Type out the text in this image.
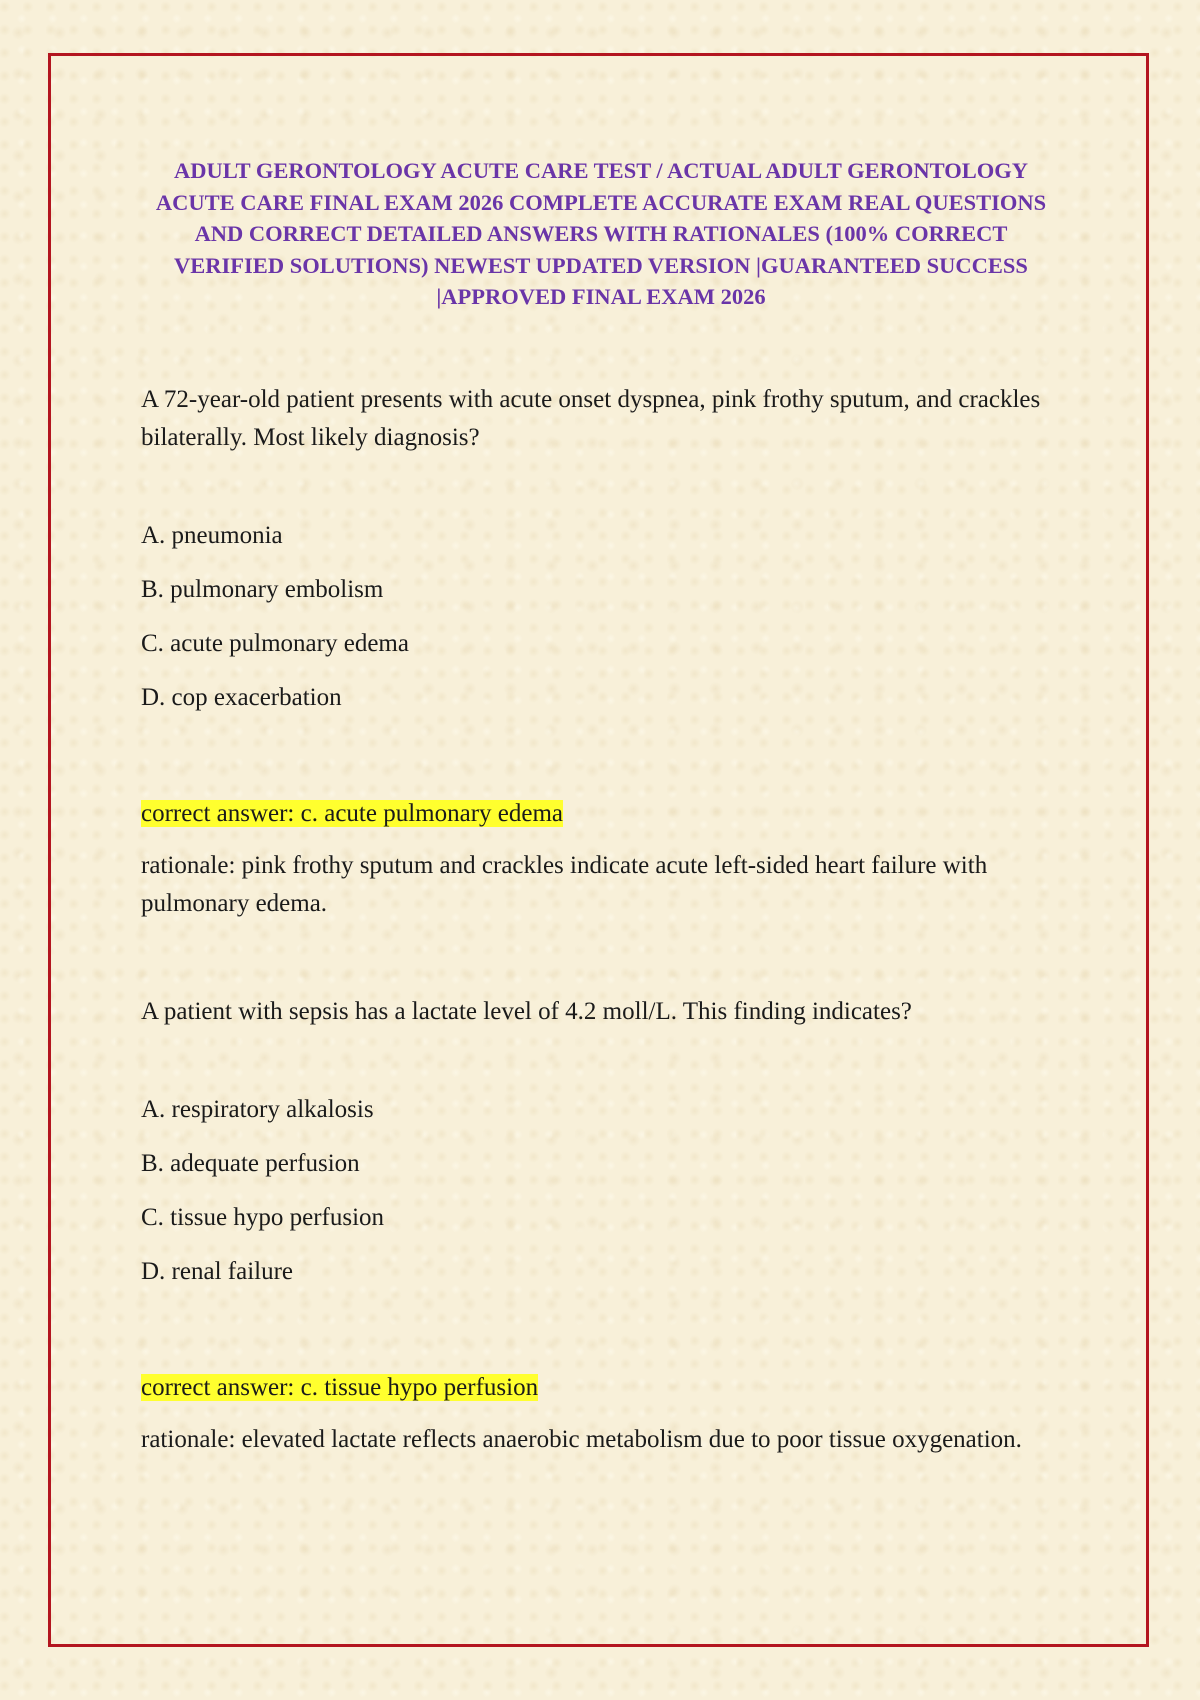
ADULT GERONTOLOGY ACUTE CARE TEST / ACTUAL ADULT GERONTOLOGY ACUTE CARE FINAL EXAM 2026 COMPLETE ACCURATE EXAM REAL QUESTIONS AND CORRECT DETAILED ANSWERS WITH RATIONALES (100% CORRECT VERIFIED SOLUTIONS) NEWEST UPDATED VERSION |GUARANTEED SUCCESS |APPROVED FINAL EXAM 2026

A 72-year-old patient presents with acute onset dyspnea, pink frothy sputum, and crackles bilaterally. Most likely diagnosis?

A. pneumonia
B. pulmonary embolism
C. acute pulmonary edema
D. cop exacerbation

correct answer: c. acute pulmonary edema

rationale: pink frothy sputum and crackles indicate acute left-sided heart failure with pulmonary edema.

A patient with sepsis has a lactate level of 4.2 moll/L. This finding indicates?

A. respiratory alkalosis
B. adequate perfusion
C. tissue hypo perfusion
D. renal failure

correct answer: c. tissue hypo perfusion

rationale: elevated lactate reflects anaerobic metabolism due to poor tissue oxygenation.
